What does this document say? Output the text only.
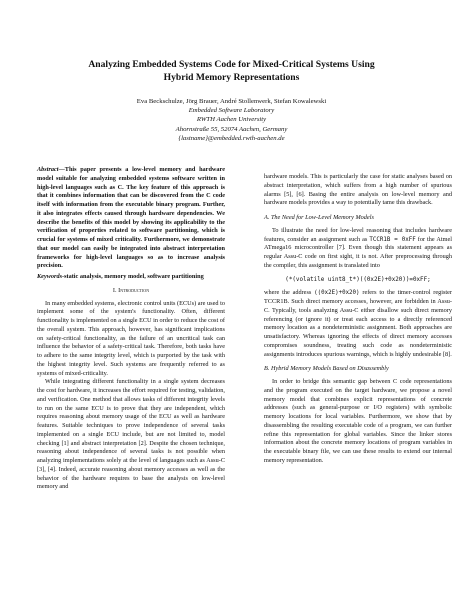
Analyzing Embedded Systems Code for Mixed-Critical Systems Using
Hybrid Memory Representations
Eva Beckschulze, Jörg Brauer, André Stollenwerk, Stefan Kowalewski
Embedded Software Laboratory
RWTH Aachen University
Ahornstraße 55, 52074 Aachen, Germany
{lastname}@embedded.rwth-aachen.de
Abstract—This paper presents a low-level memory and hardware model suitable for analyzing embedded systems software written in high-level languages such as C. The key feature of this approach is that it combines information that can be discovered from the C code itself with information from the executable binary program. Further, it also integrates effects caused through hardware dependencies. We describe the benefits of this model by showing its applicability to the verification of properties related to software partitioning, which is crucial for systems of mixed criticality. Furthermore, we demonstrate that our model can easily be integrated into abstract interpretation frameworks for high-level languages so as to increase analysis precision.
Keywords-static analysis, memory model, software partitioning
I. Introduction

In many embedded systems, electronic control units (ECUs) are used to implement some of the system's functionality. Often, different functionality is implemented on a single ECU in order to reduce the cost of the overall system. This approach, however, has significant implications on safety-critical functionality, as the failure of an uncritical task can influence the behavior of a safety-critical task. Therefore, both tasks have to adhere to the same integrity level, which is purported by the task with the highest integrity level. Such systems are frequently referred to as systems of mixed-criticality.

While integrating different functionality in a single system decreases the cost for hardware, it increases the effort required for testing, validation, and verification. One method that allows tasks of different integrity levels to run on the same ECU is to prove that they are independent, which requires reasoning about memory usage of the ECU as well as hardware features. Suitable techniques to prove independence of several tasks implemented on a single ECU include, but are not limited to, model checking [1] and abstract interpretation [2]. Despite the chosen technique, reasoning about independence of several tasks is not possible when analyzing implementations solely at the level of languages such as Assu-C [3], [4]. Indeed, accurate reasoning about memory accesses as well as the behavior of the hardware requires to base the analysis on low-level memory and

hardware models. This is particularly the case for static analyses based on abstract interpretation, which suffers from a high number of spurious alarms [5], [6]. Basing the entire analysis on low-level memory and hardware models provides a way to potentially tame this drawback.

A. The Need for Low-Level Memory Models

To illustrate the need for low-level reasoning that includes hardware features, consider an assignment such as TCCR1B = 0xFF for the Atmel ATmega16 microcontroller [7]. Even though this statement appears as regular Assu-C code on first sight, it is not. After preprocessing through the compiler, this assignment is translated into

(*(volatile uint8_t*)((0x2E)+0x20))=0xFF;

where the address ((0x2E)+0x20) refers to the timer-control register TCCR1B. Such direct memory accesses, however, are forbidden in Assu-C. Typically, tools analyzing Assu-C either disallow such direct memory referencing (or ignore it) or treat each access to a directly referenced memory location as a nondeterministic assignment. Both approaches are unsatisfactory. Whereas ignoring the effects of direct memory accesses compromises soundness, treating such code as nondeterministic assignments introduces spurious warnings, which is highly undesirable [8].

B. Hybrid Memory Models Based on Disassembly

In order to bridge this semantic gap between C code representations and the program executed on the target hardware, we propose a novel memory model that combines explicit representations of concrete addresses (such as general-purpose or I/O registers) with symbolic memory locations for local variables. Furthermore, we show that by disassembling the resulting executable code of a program, we can further refine this representation for global variables. Since the linker stores information about the concrete memory locations of program variables in the executable binary file, we can use these results to extend our internal memory representation.
